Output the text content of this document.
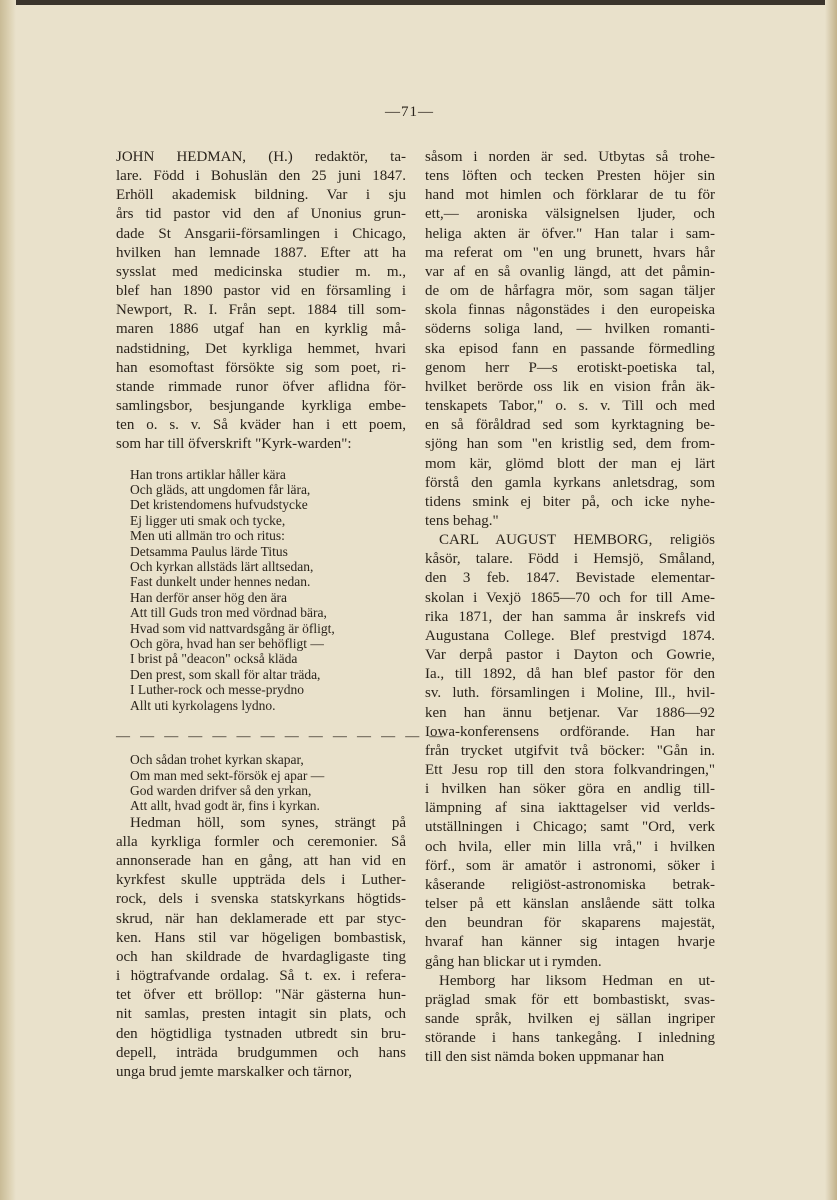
—71—

JOHN HEDMAN, (H.) redaktör, ta-
lare. Född i Bohuslän den 25 juni 1847.
Erhöll akademisk bildning. Var i sju
års tid pastor vid den af Unonius grun-
dade St Ansgarii-församlingen i Chicago,
hvilken han lemnade 1887. Efter att ha
sysslat med medicinska studier m. m.,
blef han 1890 pastor vid en församling i
Newport, R. I. Från sept. 1884 till som-
maren 1886 utgaf han en kyrklig må-
nadstidning, Det kyrkliga hemmet, hvari
han esomoftast försökte sig som poet, ri-
stande rimmade runor öfver aflidna för-
samlingsbor, besjungande kyrkliga embe-
ten o. s. v. Så kväder han i ett poem,
som har till öfverskrift "Kyrk-warden":

Han trons artiklar håller kära
Och gläds, att ungdomen får lära,
Det kristendomens hufvudstycke
Ej ligger uti smak och tycke,
Men uti allmän tro och ritus:
Detsamma Paulus lärde Titus
Och kyrkan allstäds lärt alltsedan,
Fast dunkelt under hennes nedan.
Han derför anser hög den ära
Att till Guds tron med vördnad bära,
Hvad som vid nattvardsgång är öfligt,
Och göra, hvad han ser behöfligt —
I brist på "deacon" också kläda
Den prest, som skall för altar träda,
I Luther-rock och messe-prydno
Allt uti kyrkolagens lydno.
— — — — — — — — — — — — — —
Och sådan trohet kyrkan skapar,
Om man med sekt-försök ej apar —
God warden drifver så den yrkan,
Att allt, hvad godt är, fins i kyrkan.

Hedman höll, som synes, strängt på
alla kyrkliga formler och ceremonier. Så
annonserade han en gång, att han vid en
kyrkfest skulle uppträda dels i Luther-
rock, dels i svenska statskyrkans högtids-
skrud, när han deklamerade ett par styc-
ken. Hans stil var högeligen bombastisk,
och han skildrade de hvardagligaste ting
i högtrafvande ordalag. Så t. ex. i refera-
tet öfver ett bröllop: "När gästerna hun-
nit samlas, presten intagit sin plats, och
den högtidliga tystnaden utbredt sin bru-
depell, inträda brudgummen och hans
unga brud jemte marskalker och tärnor,

såsom i norden är sed. Utbytas så trohe-
tens löften och tecken Presten höjer sin
hand mot himlen och förklarar de tu för
ett,— aroniska välsignelsen ljuder, och
heliga akten är öfver." Han talar i sam-
ma referat om "en ung brunett, hvars hår
var af en så ovanlig längd, att det påmin-
de om de hårfagra mör, som sagan täljer
skola finnas någonstädes i den europeiska
söderns soliga land, — hvilken romanti-
ska episod fann en passande förmedling
genom herr P—s erotiskt-poetiska tal,
hvilket berörde oss lik en vision från äk-
tenskapets Tabor," o. s. v. Till och med
en så föråldrad sed som kyrktagning be-
sjöng han som "en kristlig sed, dem from-
mom kär, glömd blott der man ej lärt
förstå den gamla kyrkans anletsdrag, som
tidens smink ej biter på, och icke nyhe-
tens behag."

CARL AUGUST HEMBORG, religiös
kåsör, talare. Född i Hemsjö, Småland,
den 3 feb. 1847. Bevistade elementar-
skolan i Vexjö 1865—70 och for till Ame-
rika 1871, der han samma år inskrefs vid
Augustana College. Blef prestvigd 1874.
Var derpå pastor i Dayton och Gowrie,
Ia., till 1892, då han blef pastor för den
sv. luth. församlingen i Moline, Ill., hvil-
ken han ännu betjenar. Var 1886—92
Iowa-konferensens ordförande. Han har
från trycket utgifvit två böcker: "Gån in.
Ett Jesu rop till den stora folkvandringen,"
i hvilken han söker göra en andlig till-
lämpning af sina iakttagelser vid verlds-
utställningen i Chicago; samt "Ord, verk
och hvila, eller min lilla vrå," i hvilken
förf., som är amatör i astronomi, söker i
kåserande religiöst-astronomiska betrak-
telser på ett känslan anslående sätt tolka
den beundran för skaparens majestät,
hvaraf han känner sig intagen hvarje
gång han blickar ut i rymden.

Hemborg har liksom Hedman en ut-
präglad smak för ett bombastiskt, svas-
sande språk, hvilken ej sällan ingriper
störande i hans tankegång. I inledning
till den sist nämda boken uppmanar han
